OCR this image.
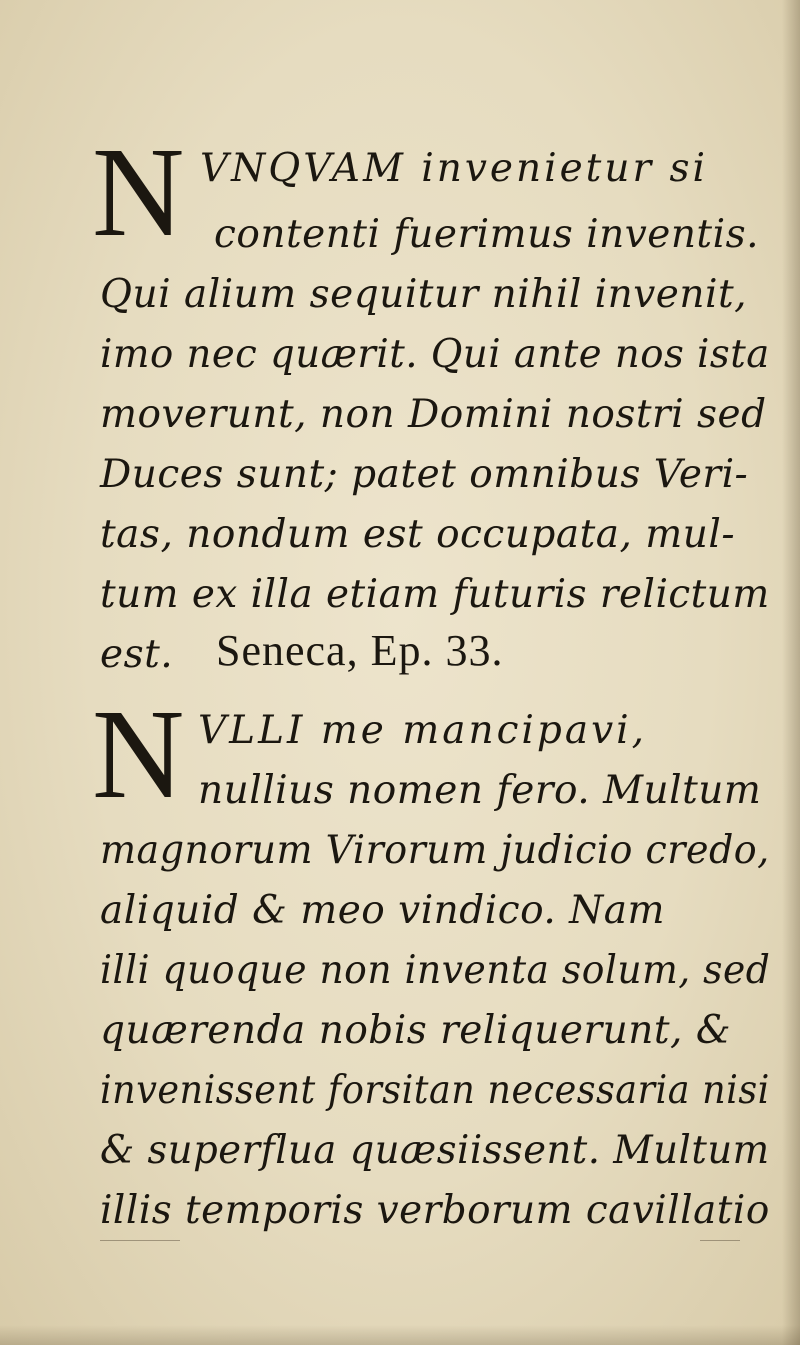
N VNQVAM invenietur si
contenti fuerimus inventis.
Qui alium sequitur nihil invenit,
imo nec quærit. Qui ante nos ista
moverunt, non Domini nostri sed
Duces sunt; patet omnibus Veri-
tas, nondum est occupata, mul-
tum ex illa etiam futuris relictum
est. Seneca, Ep. 33.
N VLLI me mancipavi,
nullius nomen fero. Multum
magnorum Virorum judicio credo,
aliquid & meo vindico. Nam
illi quoque non inventa solum, sed
quærenda nobis reliquerunt, &
invenissent forsitan necessaria nisi
& superflua quæsiissent. Multum
illis temporis verborum cavillatio
